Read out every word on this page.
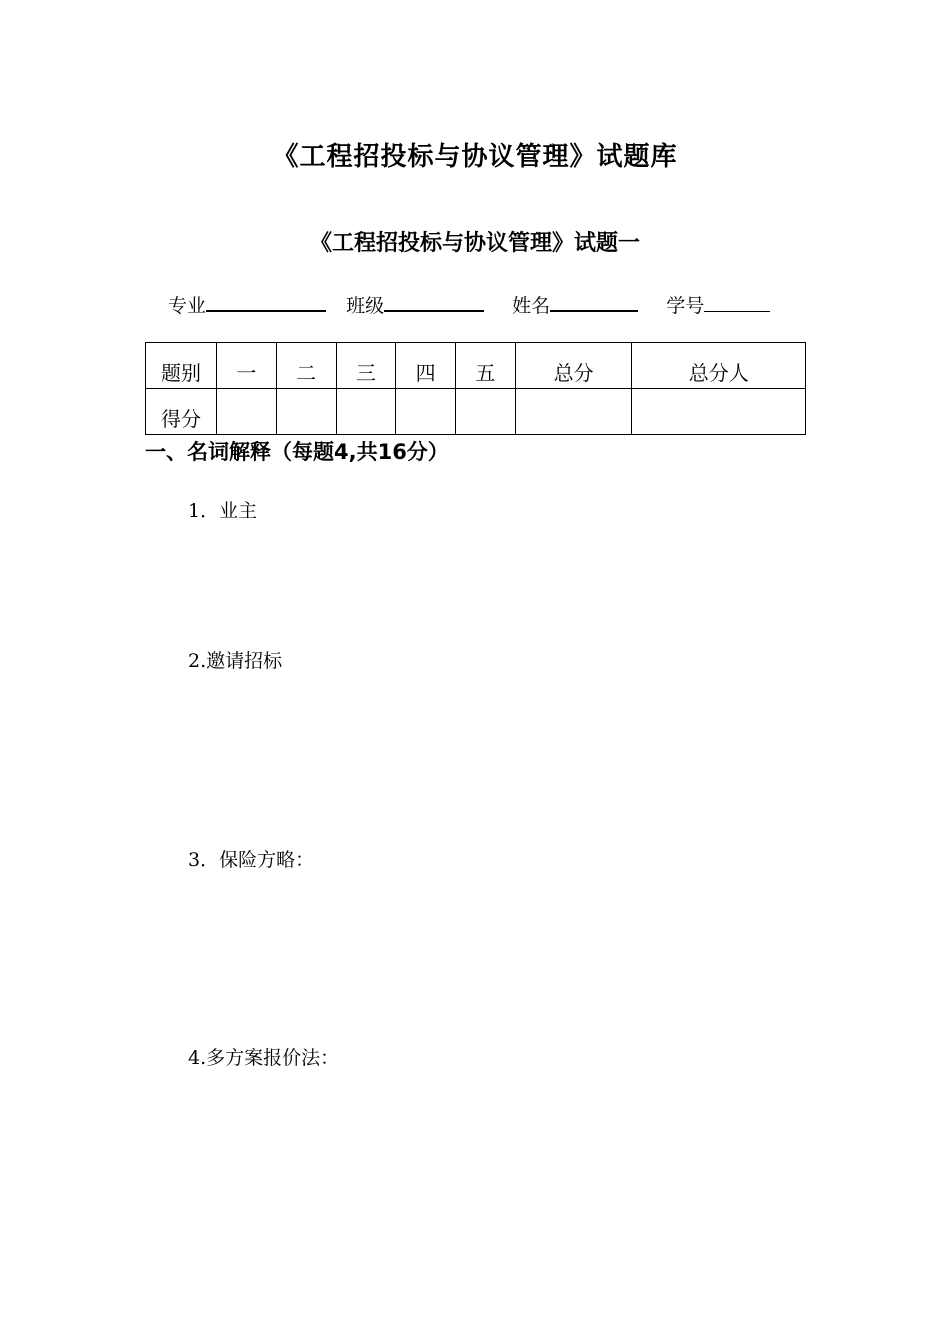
《工程招投标与协议管理》试题库
《工程招投标与协议管理》试题一
专业	班级	姓名	学号
题别	一	二	三	四	五	总分	总分人
得分							
一、名词解释（每题4,共16分）
1．业主
2.邀请招标
3．保险方略：
4.多方案报价法：
